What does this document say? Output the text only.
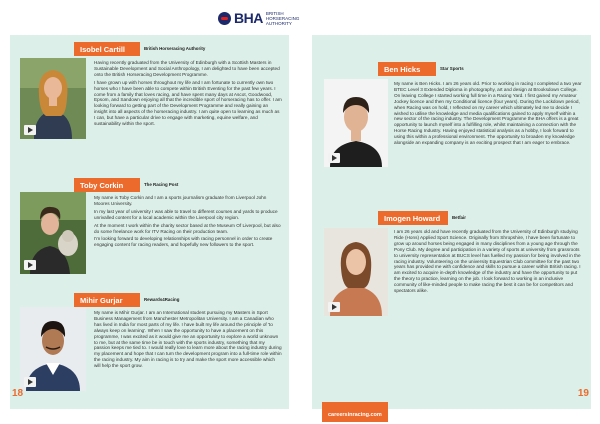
BHA BRITISH HORSERACING AUTHORITY
Isobel Cartill	British Horseracing Authority

Having recently graduated from the University of Edinburgh with a Scottish Masters in Sustainable Development and Social Anthropology, I am delighted to have been accepted onto the British Horseracing Development Programme.

I have grown up with horses throughout my life and I am fortunate to currently own two horses who I have been able to compete within British Eventing for the past few years. I come from a family that loves racing, and have spent many days at Ascot, Goodwood, Epsom, and Sandown enjoying all that the incredible sport of horseracing has to offer. I am looking forward to getting part of the Development Programme and really gaining an insight into all aspects of the horseracing industry. I am quite open to learning as much as I can, but have a particular drive to engage with marketing, equine welfare, and sustainability within the sport.

Toby Corkin	The Racing Post

My name is Toby Corkin and I am a sports journalism graduate from Liverpool John Moores University.

In my last year of university I was able to travel to different courses and yards to produce unrivalled content for a local academic within the Liverpool city region.

At the moment I work within the charity sector based at the Museum Of Liverpool, but also do some freelance work for ITV Racing on their production team.

I'm looking forward to developing relationships with racing personnel in order to create engaging content for racing readers, and hopefully new followers to the sport.

Mihir Gurjar	Rewards4Racing

My name is Mihir Gurjar. I am an International student pursuing my Masters in Sport Business Management from Manchester Metropolitan University. I am a Canadian who has lived in India for most parts of my life. I have built my life around the principle of 'to always keep on learning'. When I saw the opportunity to have a placement on this programme, I was excited as it would give me an opportunity to explore a world unknown to me, but at the same time be in touch with the sports industry, something that my passion keeps me tied to. I would really love to learn more about the racing industry during my placement and hope that I can turn the development program into a full-time role within the racing industry. My aim in racing is to try and make the sport more accessible which will help the sport grow.

18
Ben Hicks	Star Sports

My name is Ben Hicks. I am 26 years old. Prior to working in racing I completed a two year BTEC Level 3 Extended Diploma in photography, art and design at Brooksdown College. On leaving College I started working full time in a Racing Yard. I first gained my Amateur Jockey licence and then my Conditional licence (four years). During the Lockdown period, when Racing was on hold, I reflected on my career which ultimately led me to decide I wished to utilise the knowledge and media qualifications gained to apply myself within a new sector of the racing industry. The Development Programme the BHA offers is a great opportunity to launch myself into a fulfilling role, whilst maintaining a connection with the Horse Racing Industry. Having enjoyed statistical analysis as a hobby, I look forward to using this within a professional environment. The opportunity to broaden my knowledge alongside an expanding company is an exciting prospect that I am eager to embrace.

Imogen Howard	Betfair

I am 26 years old and have recently graduated from the University of Edinburgh studying Ride (Hons) Applied Sport Science. Originally from Shropshire, I have been fortunate to grow up around horses being engaged in many disciplines from a young age through the Pony Club. My degree and participation in a variety of sports at university from grassroots to university representation at BUCS level has fuelled my passion for being involved in the racing industry. Volunteering on the university Equestrian Club committee for the past two years has provided me with confidence and skills to pursue a career within British racing. I am excited to acquire in-depth knowledge of the industry and have the opportunity to put the theory to practice, learning on the job. I look forward to working in an inclusive community of like-minded people to make racing the best it can be for competitors and spectators alike.

19
careersinracing.com
